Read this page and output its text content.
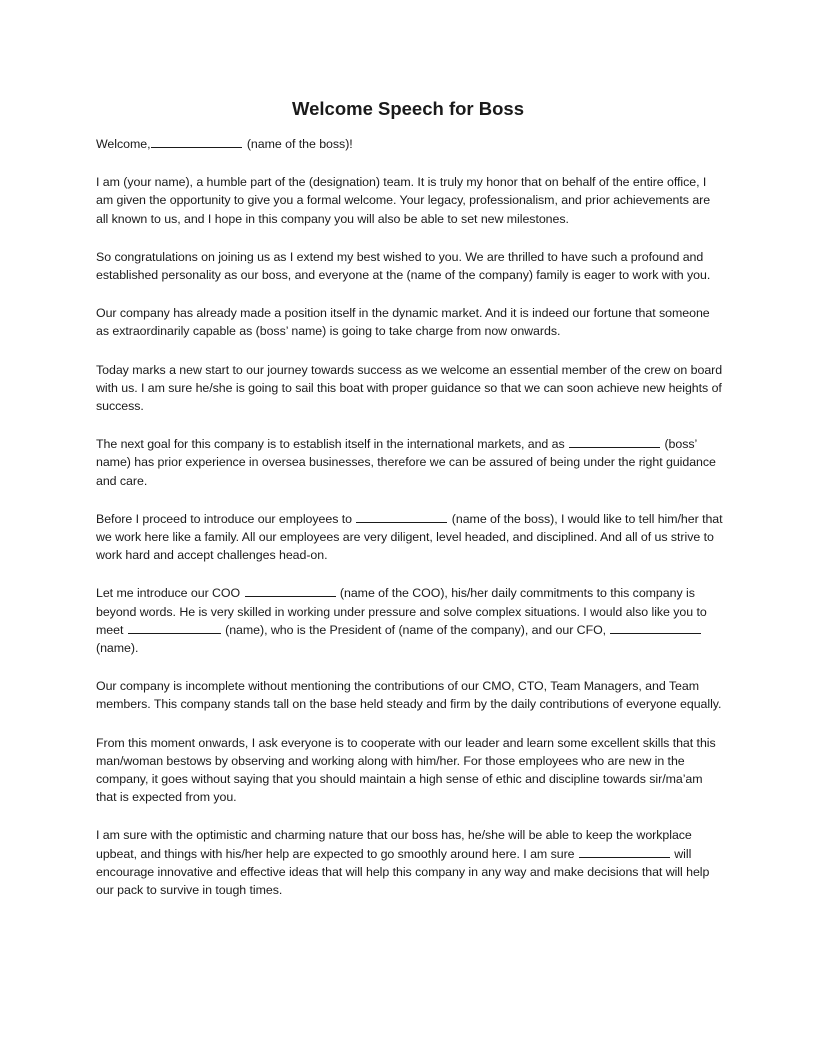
Welcome Speech for Boss

Welcome,	(name of the boss)!

I am (your name), a humble part of the (designation) team. It is truly my honor that on behalf of the entire office, I am given the opportunity to give you a formal welcome. Your legacy, professionalism, and prior achievements are all known to us, and I hope in this company you will also be able to set new milestones.

So congratulations on joining us as I extend my best wished to you. We are thrilled to have such a profound and established personality as our boss, and everyone at the (name of the company) family is eager to work with you.

Our company has already made a position itself in the dynamic market. And it is indeed our fortune that someone as extraordinarily capable as (boss’ name) is going to take charge from now onwards.

Today marks a new start to our journey towards success as we welcome an essential member of the crew on board with us. I am sure he/she is going to sail this boat with proper guidance so that we can soon achieve new heights of success.

The next goal for this company is to establish itself in the international markets, and as	(boss’ name) has prior experience in oversea businesses, therefore we can be assured of being under the right guidance and care.

Before I proceed to introduce our employees to	(name of the boss), I would like to tell him/her that we work here like a family. All our employees are very diligent, level headed, and disciplined. And all of us strive to work hard and accept challenges head-on.

Let me introduce our COO	(name of the COO), his/her daily commitments to this company is beyond words. He is very skilled in working under pressure and solve complex situations. I would also like you to meet	(name), who is the President of (name of the company), and our CFO,  (name).

Our company is incomplete without mentioning the contributions of our CMO, CTO, Team Managers, and Team members. This company stands tall on the base held steady and firm by the daily contributions of everyone equally.

From this moment onwards, I ask everyone is to cooperate with our leader and learn some excellent skills that this man/woman bestows by observing and working along with him/her. For those employees who are new in the company, it goes without saying that you should maintain a high sense of ethic and discipline towards sir/ma’am that is expected from you.

I am sure with the optimistic and charming nature that our boss has, he/she will be able to keep the workplace upbeat, and things with his/her help are expected to go smoothly around here. I am sure	will encourage innovative and effective ideas that will help this company in any way and make decisions that will help our pack to survive in tough times.
